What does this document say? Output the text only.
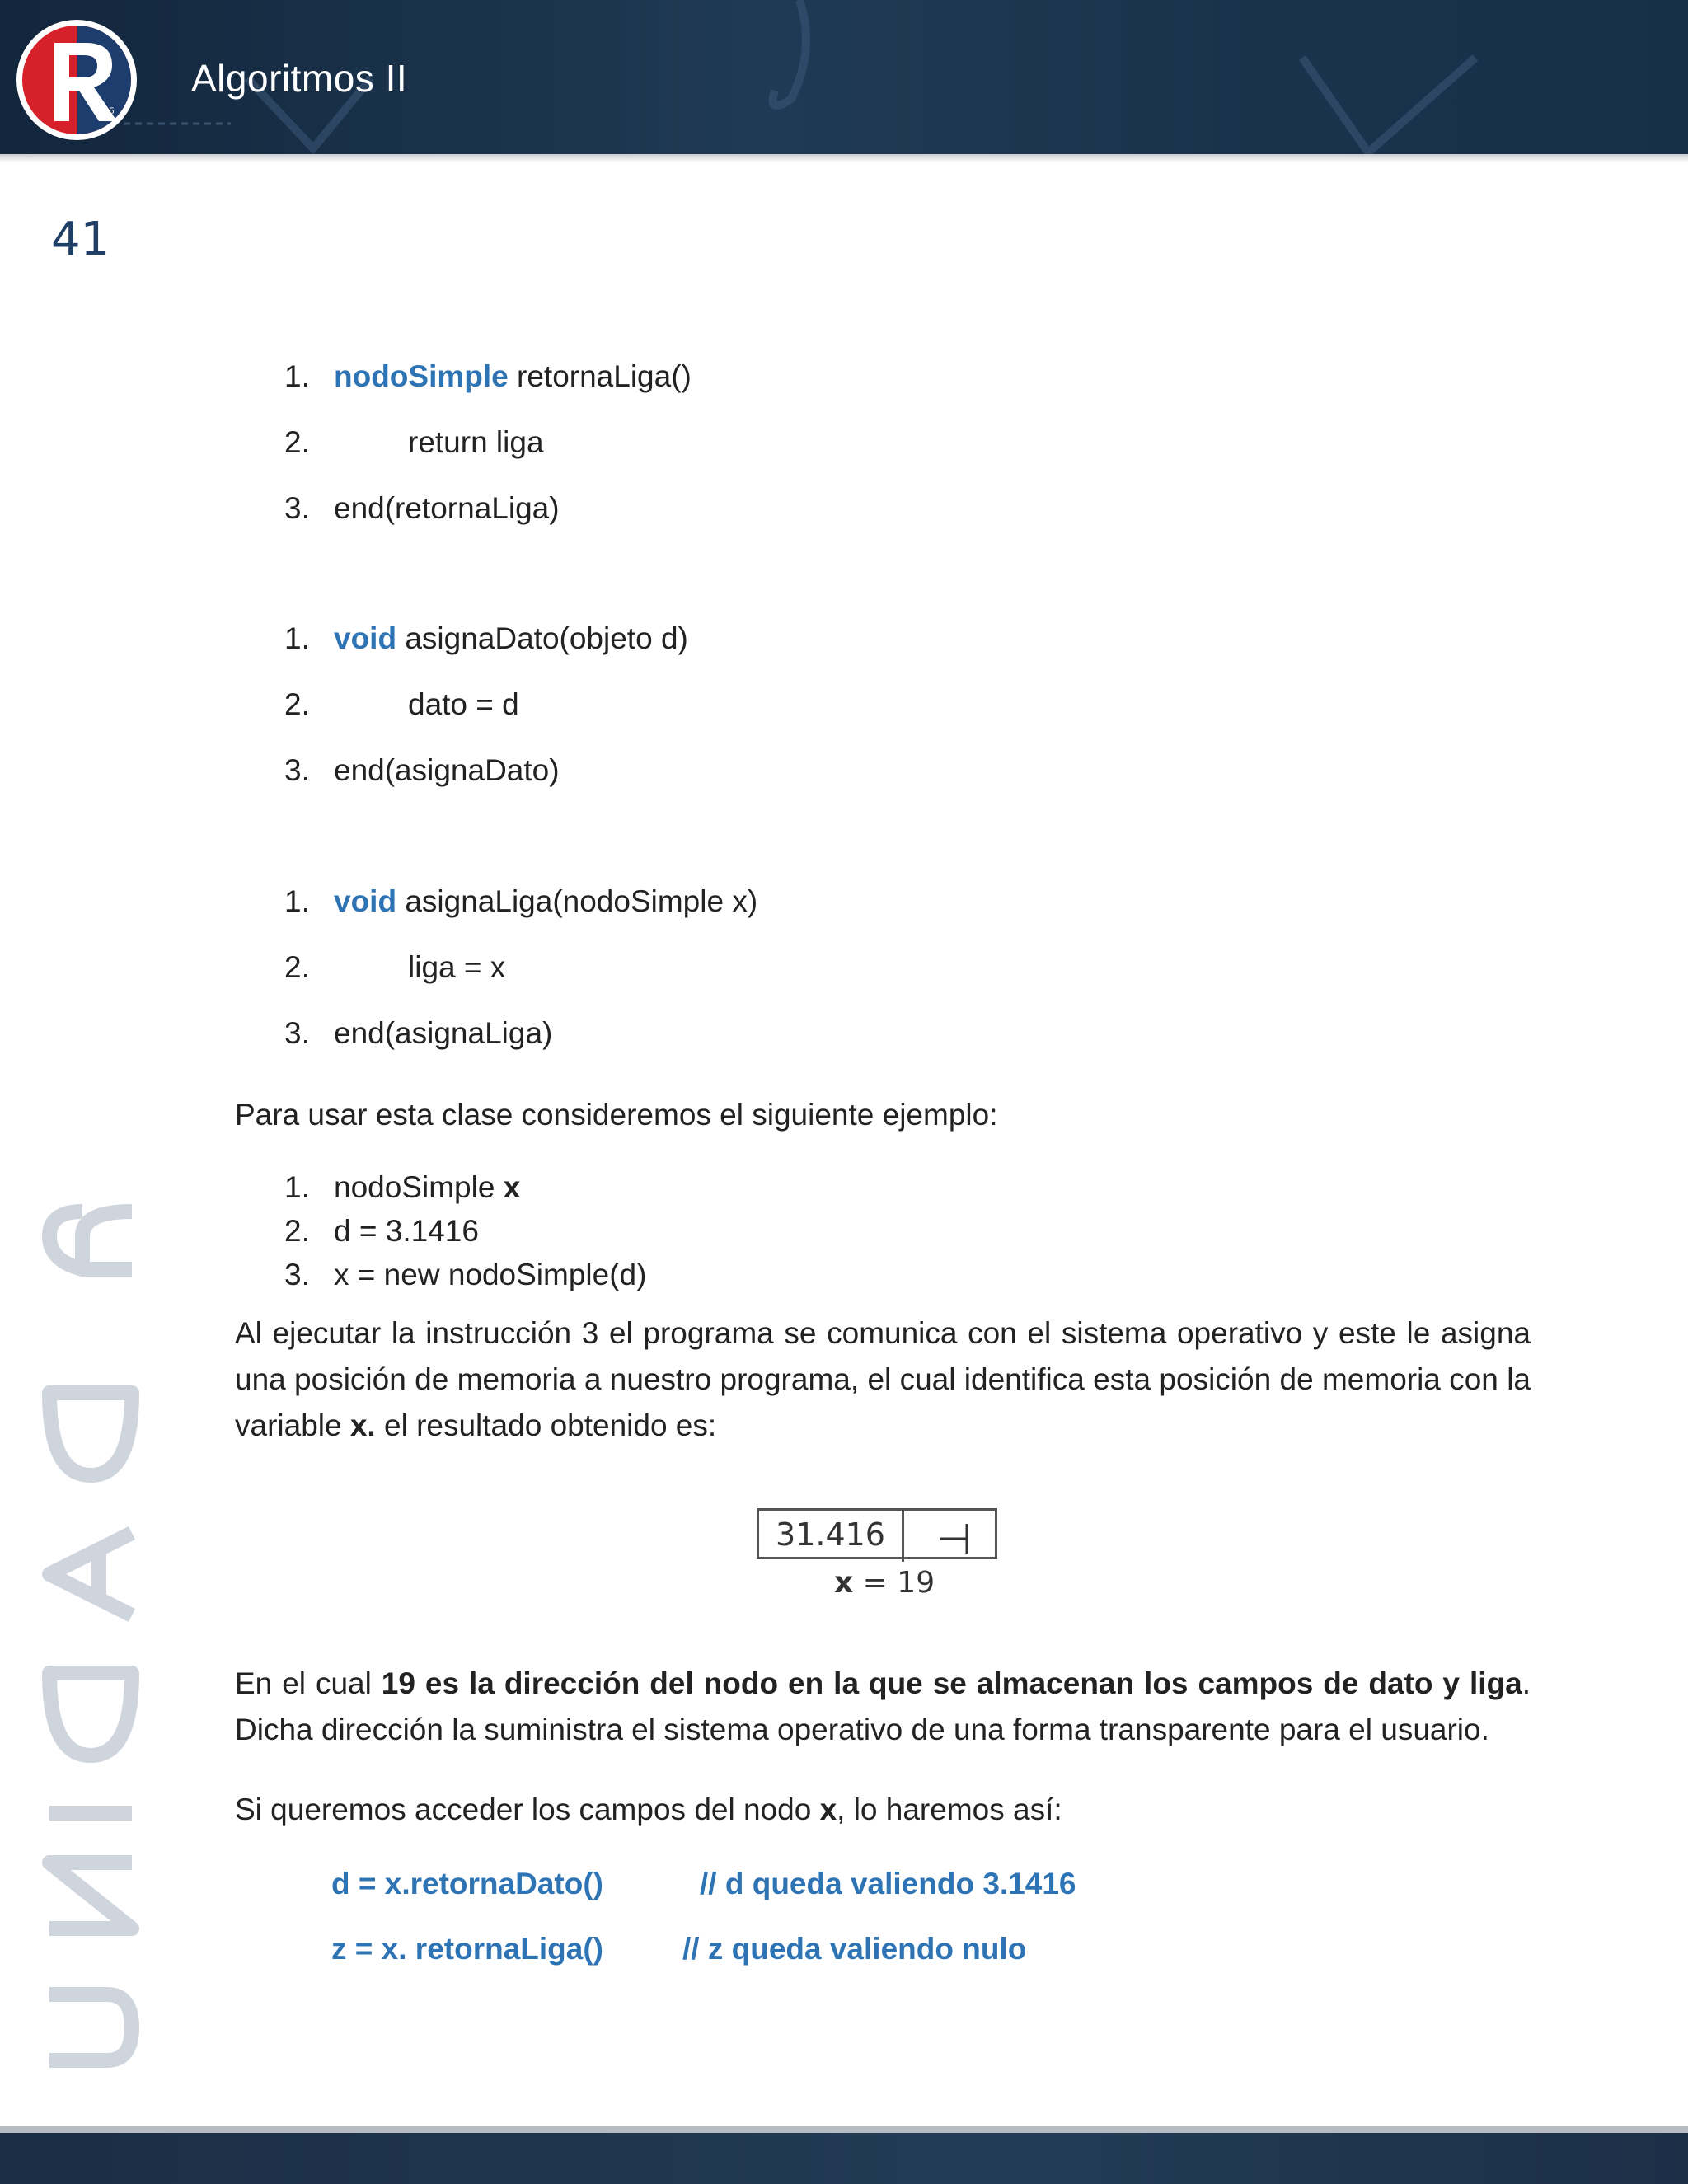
1915
Algoritmos II
41
1. nodoSimple retornaLiga()
2.	return liga
3. end(retornaLiga)
1. void asignaDato(objeto d)
2.	dato = d
3. end(asignaDato)
1. void asignaLiga(nodoSimple x)
2.	liga = x
3. end(asignaLiga)
Para usar esta clase consideremos el siguiente ejemplo:
1. nodoSimple x
2. d = 3.1416
3. x = new nodoSimple(d)
Al ejecutar la instrucción 3 el programa se comunica con el sistema operativo y este le asigna una posición de memoria a nuestro programa, el cual identifica esta posición de memoria con la variable x. el resultado obtenido es:
31.416
x = 19
En el cual 19 es la dirección del nodo en la que se almacenan los campos de dato y liga. Dicha dirección la suministra el sistema operativo de una forma transparente para el usuario.
Si queremos acceder los campos del nodo x, lo haremos así:
d = x.retornaDato()	// d queda valiendo 3.1416
z = x. retornaLiga()	// z queda valiendo nulo
